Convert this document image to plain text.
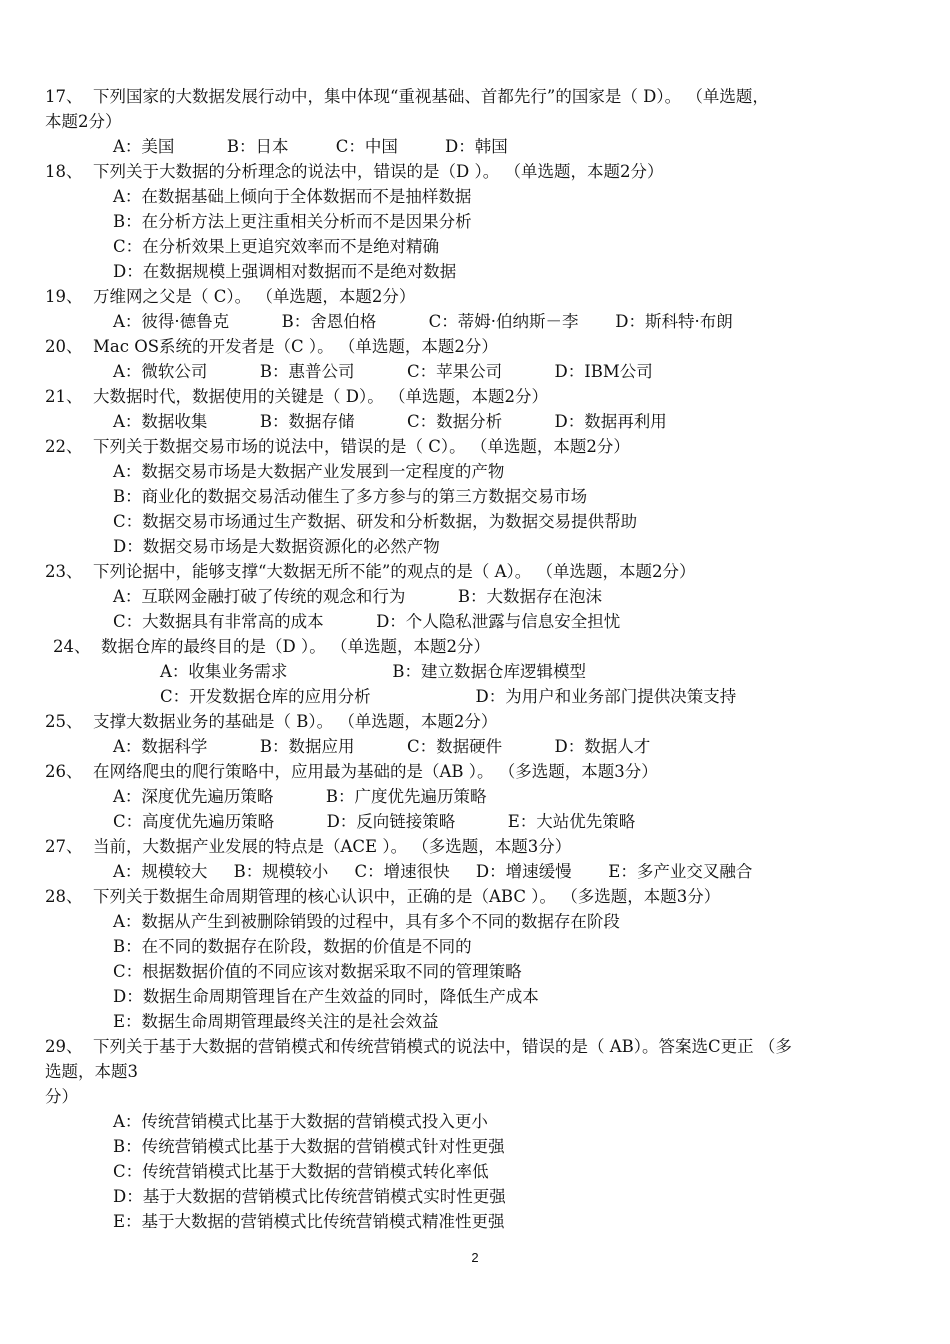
17、  下列国家的大数据发展行动中，集中体现“重视基础、首都先行”的国家是（ D）。 （单选题，
本题2分）
A：美国          B：日本         C：中国         D：韩国
18、  下列关于大数据的分析理念的说法中，错误的是（D ）。 （单选题，本题2分）
A：在数据基础上倾向于全体数据而不是抽样数据
B：在分析方法上更注重相关分析而不是因果分析
C：在分析效果上更追究效率而不是绝对精确
D：在数据规模上强调相对数据而不是绝对数据
19、  万维网之父是（ C）。 （单选题，本题2分）
A：彼得·德鲁克          B：舍恩伯格          C：蒂姆·伯纳斯－李       D：斯科特·布朗
20、  Mac OS系统的开发者是（C ）。 （单选题，本题2分）
A：微软公司          B：惠普公司          C：苹果公司          D：IBM公司
21、  大数据时代，数据使用的关键是（ D）。 （单选题，本题2分）
A：数据收集          B：数据存储          C：数据分析          D：数据再利用
22、  下列关于数据交易市场的说法中，错误的是（ C）。 （单选题，本题2分）
A：数据交易市场是大数据产业发展到一定程度的产物
B：商业化的数据交易活动催生了多方参与的第三方数据交易市场
C：数据交易市场通过生产数据、研发和分析数据，为数据交易提供帮助
D：数据交易市场是大数据资源化的必然产物
23、  下列论据中，能够支撑“大数据无所不能”的观点的是（ A）。 （单选题，本题2分）
A：互联网金融打破了传统的观念和行为          B：大数据存在泡沫
C：大数据具有非常高的成本          D：个人隐私泄露与信息安全担忧
24、  数据仓库的最终目的是（D ）。 （单选题，本题2分）
A：收集业务需求                    B：建立数据仓库逻辑模型
C：开发数据仓库的应用分析                    D：为用户和业务部门提供决策支持
25、  支撑大数据业务的基础是（ B）。 （单选题，本题2分）
A：数据科学          B：数据应用          C：数据硬件          D：数据人才
26、  在网络爬虫的爬行策略中，应用最为基础的是（AB ）。 （多选题，本题3分）
A：深度优先遍历策略          B：广度优先遍历策略
C：高度优先遍历策略          D：反向链接策略          E：大站优先策略
27、  当前，大数据产业发展的特点是（ACE ）。 （多选题，本题3分）
A：规模较大     B：规模较小     C：增速很快     D：增速缓慢       E：多产业交叉融合
28、  下列关于数据生命周期管理的核心认识中，正确的是（ABC ）。 （多选题，本题3分）
A：数据从产生到被删除销毁的过程中，具有多个不同的数据存在阶段
B：在不同的数据存在阶段，数据的价值是不同的
C：根据数据价值的不同应该对数据采取不同的管理策略
D：数据生命周期管理旨在产生效益的同时，降低生产成本
E：数据生命周期管理最终关注的是社会效益
29、  下列关于基于大数据的营销模式和传统营销模式的说法中，错误的是（ AB）。答案选C更正 （多
选题，本题3
分）
A：传统营销模式比基于大数据的营销模式投入更小
B：传统营销模式比基于大数据的营销模式针对性更强
C：传统营销模式比基于大数据的营销模式转化率低
D：基于大数据的营销模式比传统营销模式实时性更强
E：基于大数据的营销模式比传统营销模式精准性更强
2
